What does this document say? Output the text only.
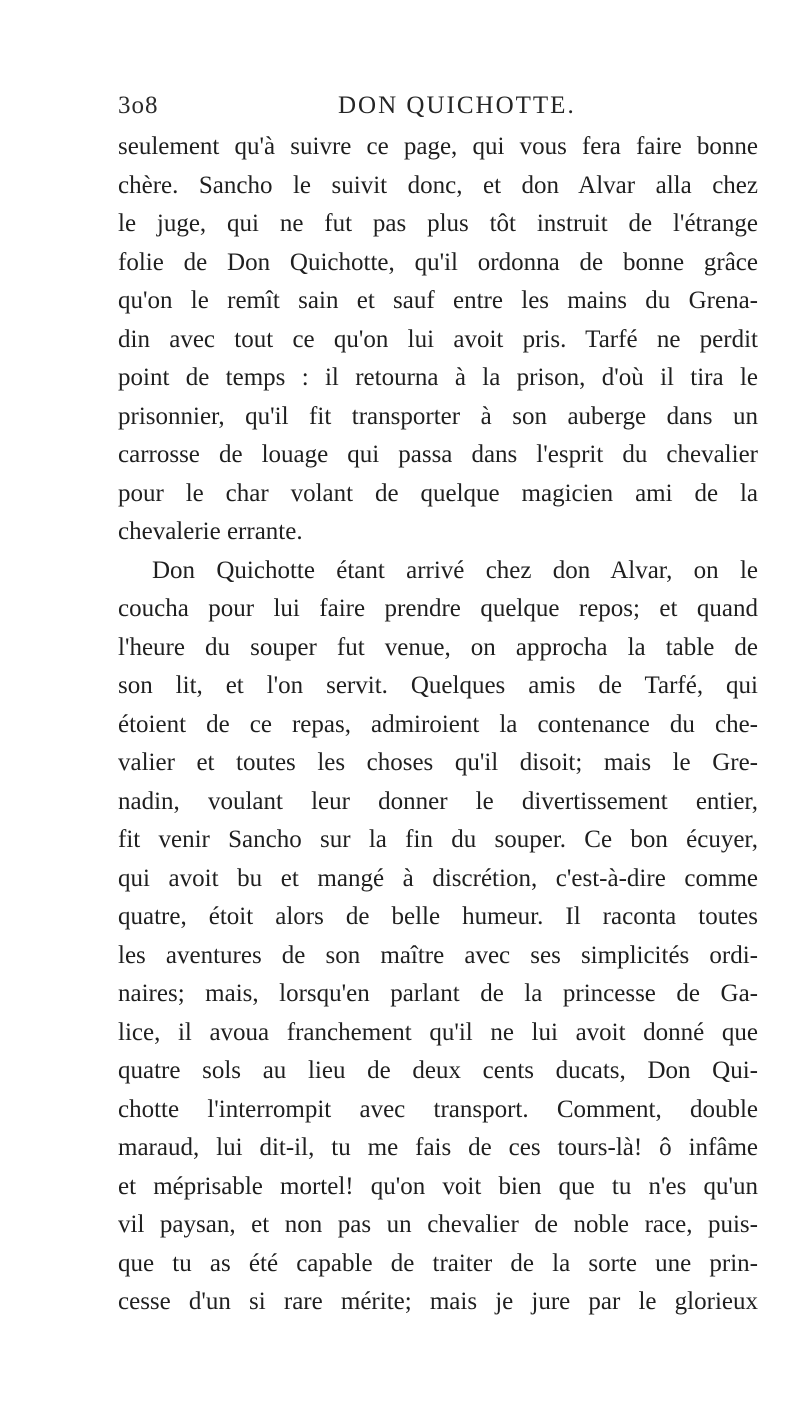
3o8	DON QUICHOTTE.
seulement qu'à suivre ce page, qui vous fera faire bonne
chère. Sancho le suivit donc, et don Alvar alla chez
le juge, qui ne fut pas plus tôt instruit de l'étrange
folie de Don Quichotte, qu'il ordonna de bonne grâce
qu'on le remît sain et sauf entre les mains du Grena-
din avec tout ce qu'on lui avoit pris. Tarfé ne perdit
point de temps : il retourna à la prison, d'où il tira le
prisonnier, qu'il fit transporter à son auberge dans un
carrosse de louage qui passa dans l'esprit du chevalier
pour le char volant de quelque magicien ami de la
chevalerie errante.
Don Quichotte étant arrivé chez don Alvar, on le
coucha pour lui faire prendre quelque repos; et quand
l'heure du souper fut venue, on approcha la table de
son lit, et l'on servit. Quelques amis de Tarfé, qui
étoient de ce repas, admiroient la contenance du che-
valier et toutes les choses qu'il disoit; mais le Gre-
nadin, voulant leur donner le divertissement entier,
fit venir Sancho sur la fin du souper. Ce bon écuyer,
qui avoit bu et mangé à discrétion, c'est-à-dire comme
quatre, étoit alors de belle humeur. Il raconta toutes
les aventures de son maître avec ses simplicités ordi-
naires; mais, lorsqu'en parlant de la princesse de Ga-
lice, il avoua franchement qu'il ne lui avoit donné que
quatre sols au lieu de deux cents ducats, Don Qui-
chotte l'interrompit avec transport. Comment, double
maraud, lui dit-il, tu me fais de ces tours-là! ô infâme
et méprisable mortel! qu'on voit bien que tu n'es qu'un
vil paysan, et non pas un chevalier de noble race, puis-
que tu as été capable de traiter de la sorte une prin-
cesse d'un si rare mérite; mais je jure par le glorieux
